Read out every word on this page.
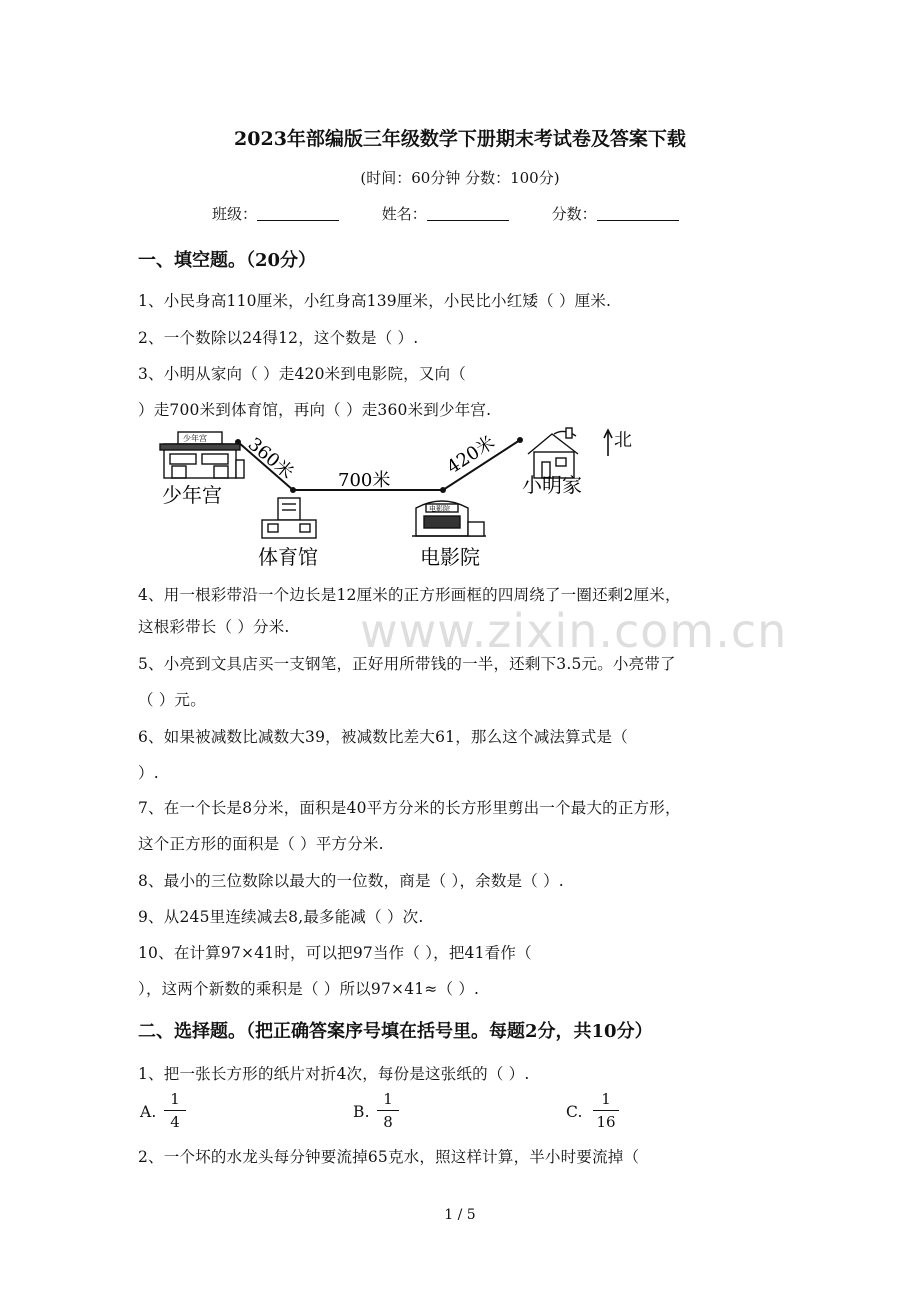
2023年部编版三年级数学下册期末考试卷及答案下载
(时间：60分钟 分数：100分)
班级：	姓名：	分数：
一、填空题。（20分）
1、小民身高110厘米，小红身高139厘米，小民比小红矮（ ）厘米.
2、一个数除以24得12，这个数是（ ）.
3、小明从家向（ ）走420米到电影院，又向（
）走700米到体育馆，再向（ ）走360米到少年宫.
360米 700米
420米
少年宫
少年宫
体育馆
电影院
电影院
小明家
北
4、用一根彩带沿一个边长是12厘米的正方形画框的四周绕了一圈还剩2厘米，
这根彩带长（ ）分米. www.zixin.com.cn
5、小亮到文具店买一支钢笔，正好用所带钱的一半，还剩下3.5元。小亮带了
（ ）元。
6、如果被减数比减数大39，被减数比差大61，那么这个减法算式是（
）.
7、在一个长是8分米，面积是40平方分米的长方形里剪出一个最大的正方形，
这个正方形的面积是（ ）平方分米.
8、最小的三位数除以最大的一位数，商是（ ），余数是（ ）.
9、从245里连续减去8,最多能减（ ）次.
10、在计算97×41时，可以把97当作（ ），把41看作（
），这两个新数的乘积是（ ）所以97×41≈（ ）.
二、选择题。（把正确答案序号填在括号里。每题2分，共10分）
1、把一张长方形的纸片对折4次，每份是这张纸的（ ）.
A. $\frac{1}{4}$	B. $\frac{1}{8}$	C. $\frac{1}{16}$
2、一个坏的水龙头每分钟要流掉65克水，照这样计算，半小时要流掉（
1 / 5
